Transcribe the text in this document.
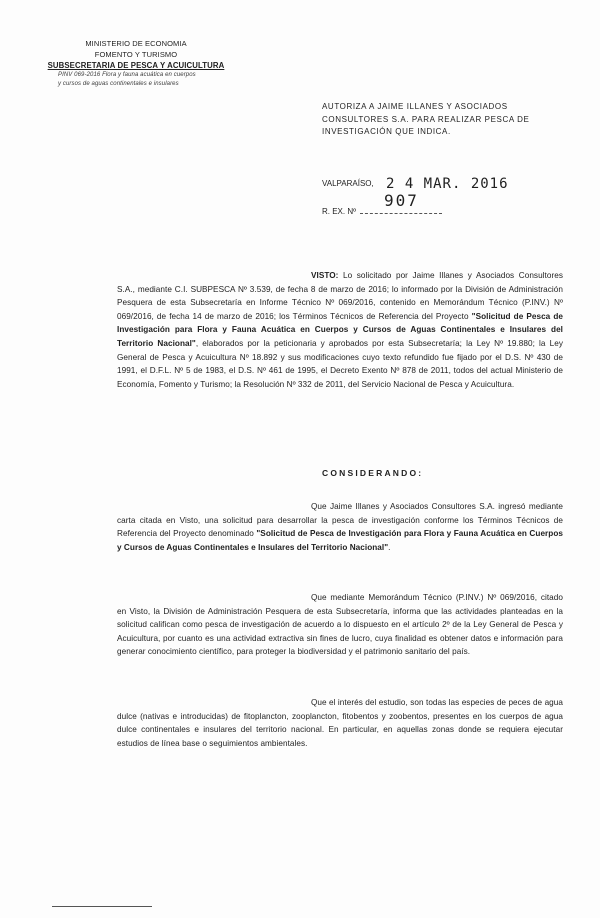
MINISTERIO DE ECONOMIA
FOMENTO Y TURISMO
SUBSECRETARIA DE PESCA Y ACUICULTURA
PINV 069-2016 Flora y fauna acuática en cuerpos
y cursos de aguas continentales e insulares
AUTORIZA A JAIME ILLANES Y ASOCIADOS CONSULTORES S.A. PARA REALIZAR PESCA DE INVESTIGACIÓN QUE INDICA.
VALPARAÍSO, 2 4 MAR. 2016
R. EX. Nº
907
VISTO: Lo solicitado por Jaime Illanes y Asociados Consultores S.A., mediante C.I. SUBPESCA Nº 3.539, de fecha 8 de marzo de 2016; lo informado por la División de Administración Pesquera de esta Subsecretaría en Informe Técnico Nº 069/2016, contenido en Memorándum Técnico (P.INV.) Nº 069/2016, de fecha 14 de marzo de 2016; los Términos Técnicos de Referencia del Proyecto "Solicitud de Pesca de Investigación para Flora y Fauna Acuática en Cuerpos y Cursos de Aguas Continentales e Insulares del Territorio Nacional", elaborados por la peticionaria y aprobados por esta Subsecretaría; la Ley Nº 19.880; la Ley General de Pesca y Acuicultura Nº 18.892 y sus modificaciones cuyo texto refundido fue fijado por el D.S. Nº 430 de 1991, el D.F.L. Nº 5 de 1983, el D.S. Nº 461 de 1995, el Decreto Exento Nº 878 de 2011, todos del actual Ministerio de Economía, Fomento y Turismo; la Resolución Nº 332 de 2011, del Servicio Nacional de Pesca y Acuicultura.
CONSIDERANDO:
Que Jaime Illanes y Asociados Consultores S.A. ingresó mediante carta citada en Visto, una solicitud para desarrollar la pesca de investigación conforme los Términos Técnicos de Referencia del Proyecto denominado "Solicitud de Pesca de Investigación para Flora y Fauna Acuática en Cuerpos y Cursos de Aguas Continentales e Insulares del Territorio Nacional".
Que mediante Memorándum Técnico (P.INV.) Nº 069/2016, citado en Visto, la División de Administración Pesquera de esta Subsecretaría, informa que las actividades planteadas en la solicitud califican como pesca de investigación de acuerdo a lo dispuesto en el artículo 2º de la Ley General de Pesca y Acuicultura, por cuanto es una actividad extractiva sin fines de lucro, cuya finalidad es obtener datos e información para generar conocimiento científico, para proteger la biodiversidad y el patrimonio sanitario del país.
Que el interés del estudio, son todas las especies de peces de agua dulce (nativas e introducidas) de fitoplancton, zooplancton, fitobentos y zoobentos, presentes en los cuerpos de agua dulce continentales e insulares del territorio nacional. En particular, en aquellas zonas donde se requiera ejecutar estudios de línea base o seguimientos ambientales.
